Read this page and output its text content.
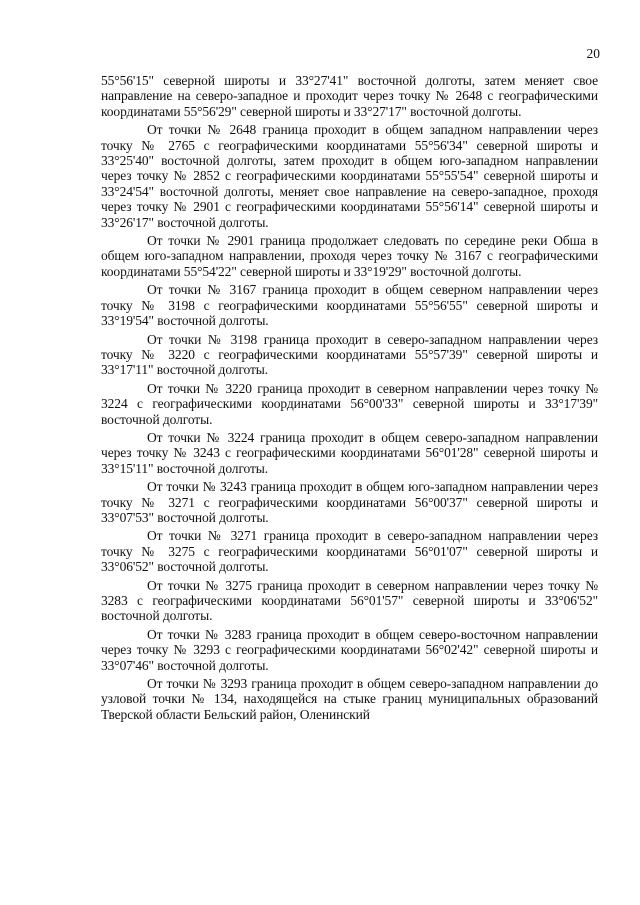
20

55°56'15" северной широты и 33°27'41" восточной долготы, затем меняет свое направление на северо-западное и проходит через точку № 2648 с географическими координатами 55°56'29" северной широты и 33°27'17" восточной долготы.

От точки № 2648 граница проходит в общем западном направлении через точку № 2765 с географическими координатами 55°56'34" северной широты и 33°25'40" восточной долготы, затем проходит в общем юго-западном направлении через точку № 2852 с географическими координатами 55°55'54" северной широты и 33°24'54" восточной долготы, меняет свое направление на северо-западное, проходя через точку № 2901 с географическими координатами 55°56'14" северной широты и 33°26'17" восточной долготы.

От точки № 2901 граница продолжает следовать по середине реки Обша в общем юго-западном направлении, проходя через точку № 3167 с географическими координатами 55°54'22" северной широты и 33°19'29" восточной долготы.

От точки № 3167 граница проходит в общем северном направлении через точку № 3198 с географическими координатами 55°56'55" северной широты и 33°19'54" восточной долготы.

От точки № 3198 граница проходит в северо-западном направлении через точку № 3220 с географическими координатами 55°57'39" северной широты и 33°17'11" восточной долготы.

От точки № 3220 граница проходит в северном направлении через точку № 3224 с географическими координатами 56°00'33" северной широты и 33°17'39" восточной долготы.

От точки № 3224 граница проходит в общем северо-западном направлении через точку № 3243 с географическими координатами 56°01'28" северной широты и 33°15'11" восточной долготы.

От точки № 3243 граница проходит в общем юго-западном направлении через точку № 3271 с географическими координатами 56°00'37" северной широты и 33°07'53" восточной долготы.

От точки № 3271 граница проходит в северо-западном направлении через точку № 3275 с географическими координатами 56°01'07" северной широты и 33°06'52" восточной долготы.

От точки № 3275 граница проходит в северном направлении через точку № 3283 с географическими координатами 56°01'57" северной широты и 33°06'52" восточной долготы.

От точки № 3283 граница проходит в общем северо-восточном направлении через точку № 3293 с географическими координатами 56°02'42" северной широты и 33°07'46" восточной долготы.

От точки № 3293 граница проходит в общем северо-западном направлении до узловой точки № 134, находящейся на стыке границ муниципальных образований Тверской области Бельский район, Оленинский
